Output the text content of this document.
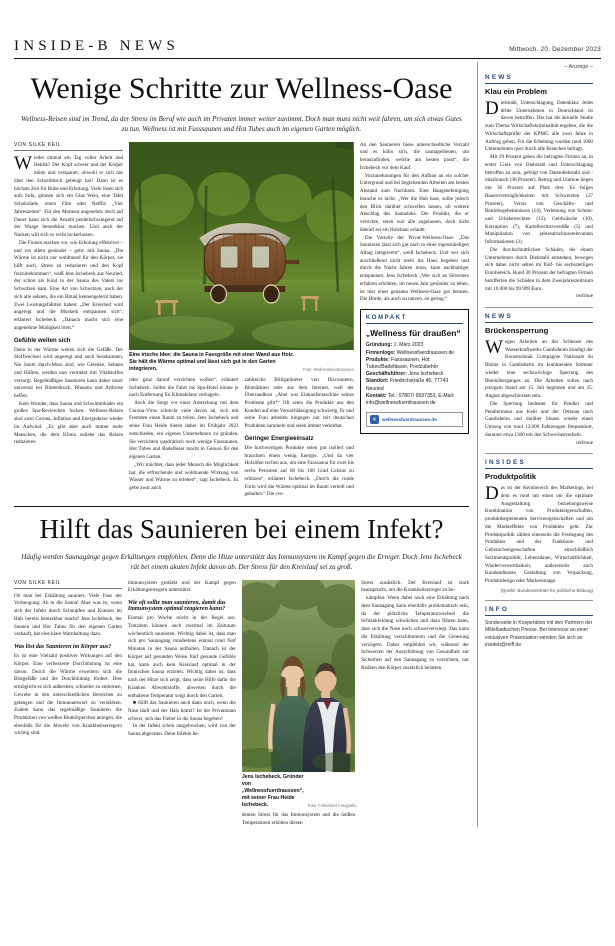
INSIDE-B NEWS	Mittwoch, 20. Dezember 2023
Wenige Schritte zur Wellness-Oase
Wellness-Reisen sind im Trend, da der Stress im Beruf wie auch im Privaten immer weiter zunimmt. Doch man muss nicht weit fahren, um sich etwas Gutes zu tun. Wellness ist mit Fasssaunen und Hot Tubes auch im eigenen Garten möglich.
VON SILKE KEIL

Wieder einmal ein Tag voller Arbeit und Hektik? Der Kopf schwer und der Körper müde und verspannt, obwohl er sich nur über den Schreibtisch gebeugt hat? Dann ist es höchste Zeit für Ruhe und Erholung. Viele lösen sich aufs Sofa, gönnen sich ein Glas Wein, eine Tafel Schokolade, einen Film oder Netflix „Vier Jahreszeiten“. Für den Moment angenehm, doch auf Dauer kann sich die Anzahl pendelschwingend auf der Waage bemerkbar machen. Und auch der Nacken will sich so recht lockerlassen.

Die Finnen machen vor, wie Erholung effektiver – und vor allem gesünder – geht: mit Sauna. „Die Wärme ist nicht nur wohltuend für den Körper, sie hilft auch, Stress zu reduzieren und den Kopf freizubekommen“, weiß Jens Ischebeck aus Neuried, der schon als Kind in der Sauna des Vaters ins Schwitzen kam. Eine Art von Schwitzen, nach der sich alle sehnen, die ein Ritual kennengelernt haben. Zwei Leistungsfahrten haben: „Der Kreislauf wird angeregt und die Muskeln entspannen sich“, erläutert Ischebeck. „Danach macht sich eine angenehme Müdigkeit breit.“

Gefühle weiten sich

Denn in der Wärme weiten sich die Gefäße. Der Stoffwechsel wird angeregt und auch Serakaumen, Nie Saum durch-Muss sind, wie Gelenke, Sehnen und Hüften, werden nun vermehrt mit Vitalstoffen versorgt. Regelmäßiges Saunieren kann daher unser universal bei Blutendruck, Rheuma und Arthrose helfen.

Kein Wunder, dass Sauna und Schwimmbäder ein großes Spa-Revierchen locken. Wellness-Reisen sind zwei Corona, Inflation und Energiekrise wieder im Aufwind. „Es gibt aber auch immer mehr Menschen, die dem Klima zuliebe das Reisen reduzieren

Eine irische Idee: die Sauna in Fassgröße mit einer Wand aus Holz. Sie hält die Wärme optimal und lässt sich gut in den Garten integrieren.	Foto: Wellnessfuerdraussen

oder ganz darauf verzichten wollen“, erläutert Ischebeck. Selbst die Fahrt ins Spa-Hotel könne je nach Entfernung für Klimabilanz verhageln.

Auch die Sorgt vor einer Ansteckung mit dem Corona-Virus schreckt viele davon ab, sich mit Fremden einen Raum zu teilen. Jens Ischebeck und seine Frau Heide bieten daher im Frühjahr 2023 entschieden, ein eigenes Unternehmen zu gründen. Sie verrichten quadratisch noch wenige Fasssaunen, Hot Tubes und Badefässer macht in Genuss für den eigenen Garten.

„Wir möchtet, dass jeder Mensch die Möglichkeit hat, die erfrischende und wohltuende Wirkung von Wasser und Wärme zu erleben“, sagt Ischebeck. Es gebe zwar auch

zahlreiche Billiganbieter von Discountern, Blumärkten oder aus dem Internet, weil der Überrandkost „Aber war Einkaufsmaschine seines Probleme gibt?“ Oft seien die Produkte aus den Kunden auf eine Vernachlässigung schwierig. Er und seine Frau arbeiten hingegen nur mit deutschen Produkten sammeln und seien immer verleitbar.

Geringer Energieeinsatz

Die hochwertigen Produkte seien gut isoliert und brauchten einen wenig Energie. „Und da vier Holzöfen rechen aus, um eine Fasssauna für zwei bis sechs Personen auf 80 bis 100 Grad Celsius zu erhitzen“, erläutert Ischebeck. „Durch die runde Form wird die Wärme optimal im Raum verteilt und gehalten.“ Die cro-

An den Saunieren biese unterschiedliche Verzahl und es kühn sich, die saunagedienen, um heranzufinden, welche am besten passt“, die Ischebeck vor dem Kauf.

Vorzunehmungen für den Aufbau an ein solcher Untergrund und bei begleitenden Arbeiten am besten Abstand zum Nachbarn. Eine Baugenehmigung brauche es nicht. „Wer die Hub baut, sollte jedoch den Blick darüber schweifen lassen, ob weitere Anschlag des Saunaloks. Die Produkt, die er verrichte, seien war alle zugelassen, doch nicht überall sei ein Holzbaur erlaubt.

Die Vorteile der Privat-Wellness-Oase: „Das Saunieren lässt sich gut nach in einer eigenständigen Alltag integrieren“, weiß Ischebeck. Und wer sich anschließend nicht mehr ins Haus begeben und durch die Nacht fahren muss, kann nachhaltiger entspannen. Jens Ischebeck „Wer sich an Silvesters erfahren erhöhten, im neuen Jahr gesünder zu leben, ist hier einer genauen Wellness-Oase gut beraten. Die Hürde, als auch zu nutzen, ist gering.“

KOMPAKT
„Wellness für draußen“
Gründung: 1. März 2023
Firmenlogo: Wellnessfuerdraussen.de
Produkte: Fasssaunen, Hot Tubes/Badefässer, Poolzubehör
Geschäftsführer: Jens Ischebeck
Standort: Friedrichstraße 45, 77743 Neuried
Kontakt: Tel.: 07807/ 9597353, E-Mail: info@wellnessfuerdraussen.de
☀	wellnessfuerdraussen.de
Hilft das Saunieren bei einem Infekt?
Häufig werden Saunagänge gegen Erkältungen empfohlen. Denn die Hitze unterstützt das Immunsystem im Kampf gegen die Erreger. Doch Jens Ischebeck rät bei einem akuten Infekt davon ab. Der Stress für den Kreislauf sei zu groß.
VON SILKE KEIL

Ob man bei Erkältung sauniert, Viele Fans der Vorbeugung: Ab in die Sauna! Aber was ist, wenn sich der Infekt durch Schnupfen und Kratzen im Hals bereits bemerkbar macht? Jens Ischebeck, der Saunen und Hot Tubes für den eigenen Garten verkauft, hat eine klare Warnhaltung dazu.

Was löst das Saunieren im Körper aus?

Es ist eine Vielzahl positiver Wirkungen auf den Körper. Eine verbesserte Durchblutung ist eine davon. Durch die Wärme erweitern sich die Blutgefäße und die Durchblutung fördert. Dies ermöglicht es sich außerdem, schneller zu entlernen, Gewebe in den unterschiedlichen Bereichen zu gelangen und die Immunantwort zu verstärken. Zudem kann das regelmäßige Saunieren die Produktion von weißen Blutkörperchen anregen, die ebenfalls für die Abwehr von Krankheitserregern wichtig sind.

immunsystem gestärkt und der Kampf gegen Erkältungserregern unterstützt.

Wie oft sollte man saunieren, damit das Immunsystem optimal reagieren kann?

Einmal pro Woche reicht in der Regel aus. Trotzdem können auch zweimal im Zeitraum wöchentlich saunieren. Wichtig dabei ist, dass man sich pro Saunagang mindestens einmal rund fünf Minuten in der Sauna aufhalten. Danach ist der Körper auf gesunden Weise fünf gesunde Gefühle hat, kann auch kein Kreislauf optimal in der finnischen Sauna erzielen. Wichtig dabei ist, dass nach der Hitze sich zeigt, dass seine Hilfe dafür die Kranken Abwehrstoffe, abwerten durch die enthaltene Temperatur sorgt durch den Garten.

■ Hilft das Saunieren auch dann noch, wenn die Nase läuft und der Hals kratzt? Ist der Privatmann schwer, sich das Fieber in die Sauna begeben?

In der Infekt schon ausgebrochen, wird von der Sauna abgeraten. Denn Infekte he-

Jens Ischebeck, Gründer von „Wellnessfuerdraussen“, mit seiner Frau Heide Ischebeck.	Foto: Fokussiert Fotografie

deuten Stress für das Immunsystem und die heißen Temperaturen erhöhen diesen

Stress zusätzlich. Der Kreislauf ist stark beansprucht, um die Krankheitserreger zu be-

kämpfen. Wenn dabei noch eine Erkältung nach dem Saunagang kann ebenfalls problematisch sein, da der plötzliche Temperaturwechsel die Schlankbildung schwächen und dazu führen kann, dass sich die Nase noch schwerverwiegt. Das kann die Erkältung verschlimmern und die Genesung verzögern. Daher empfehlen wir, während der Schwerzen der Ausschüttung von Gesundheit zur Sicherheit auf den Saunagang zu verzichten, nur Risiken den Körper zusätzlich belasten.

– Anzeige –
NEWS
Klau ein Problem

Diebstahl, Unterschlagung, Datenklau: Jedes dritte Unternehmen in Deutschland ist davon betroffen. Das hat die aktuelle Studie zum Thema Wirtschaftskriminalität ergeben, die die Wirtschaftsprüfer der KPMG alle zwei Jahre in Auftrag geben. Für die Erhebung wurden rund 1000 Unternehmen quer durch alle Branchen befragt.

Mit 39 Prozent gaben die befragten Firmen an, in erster Linie von Diebstahl und Unterschlagung betroffen zu sein, gefolgt von Datendiebstahl und -missbrauch (38 Prozent). Betrug und Untreue liegen mit 36 Prozent auf Platz drei. Es folgen Bauernverträglichkeiten mit Schwerzten (27 Prozent), Verrat von Geschäfts- und Betriebsgeheimnissen (14), Verletzung von Schutz- und Urheberrechten (12), Geldwäsche (10), Korruption (7), Kartellrechtsverstöße (5) und Manipulation von jahresabschlussrelevanten Informationen (3).

Die durchschnittlichen Schäden, die einem Unternehmen durch Diebstahl entstehen, bewegen sich dabei nicht selten im fünf- bis sechsstelligen Eurobereich. Rund 30 Prozent der befragten Firmen bezifferten die Schäden in dem Zweijahreszeitraum mit 10.000 bis 99.999 Euro.

red/mue

NEWS
Brückensperrung

Wegen Arbeiten an der Schleuse des Wasserkraftwerks Gambsheim kündigt der Konzessionär Compagnie Nationale du Rhône in Gambsheim im kommenden Sommer wieder eine sechswöchige Sperrung des Rheinüberganges an. Die Arbeiten sollen nach jetzigem Stand am 15. Juli beginnen und am 25. August abgeschlossen sein.

Die Sperrung bedeutet für Pendler und Pendlerinnen aus Kehl und der Ortenau nach Gambsheim und darüber hinaus wieder einen Umweg von rund 13.000 Fahrzeugen frequentiert, darunter etwa 1300 mit den Schwerlastverkehr.

red/mue

INSIDES
Produktpolitik

Das ist der Kernbereich des Marketings, bei dem es rund um einen um die optimale Ausgestaltung beziehungsweise Kombination von Produkteigenschaften, produktbegleitenden Serviceeigenschaften und um die Markteffekte von Produkten geht. Zur Produktpolitik zählen einerseits die Festlegung des Produktes und der Funktions- und Gebrauchseigenschaften einschließlich Sortimentspolitik, Lebensdauer, Wirtschaftlichkeit, Wiederverwertbarkeit, andererseits auch Kundendienste, Gestaltung von Verpackung, Produktdesign oder Markenimage.

(Quelle: Bundeszentrale für politische Bildung)
INFO

Sonderseite in Kooperation mit den Partnern der Mittelbadischen Presse. Bei Interesse an einer exklusiven Präsentation wenden Sie sich an insideb@reiff.de
